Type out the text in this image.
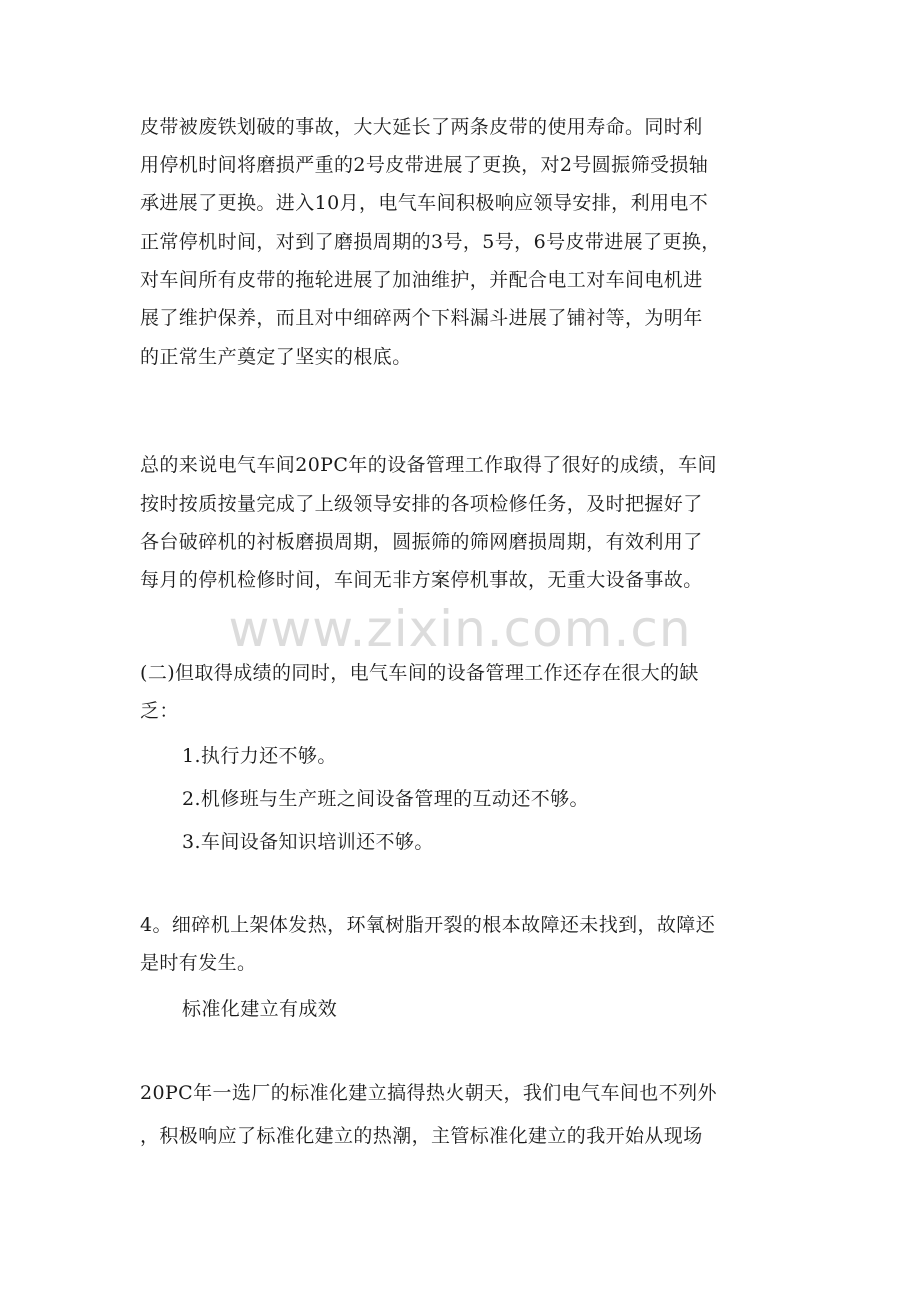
皮带被废铁划破的事故，大大延长了两条皮带的使用寿命。同时利
用停机时间将磨损严重的2号皮带进展了更换，对2号圆振筛受损轴
承进展了更换。进入10月，电气车间积极响应领导安排，利用电不
正常停机时间，对到了磨损周期的3号，5号，6号皮带进展了更换，
对车间所有皮带的拖轮进展了加油维护，并配合电工对车间电机进
展了维护保养，而且对中细碎两个下料漏斗进展了铺衬等，为明年
的正常生产奠定了坚实的根底。
总的来说电气车间20PC年的设备管理工作取得了很好的成绩，车间
按时按质按量完成了上级领导安排的各项检修任务，及时把握好了
各台破碎机的衬板磨损周期，圆振筛的筛网磨损周期，有效利用了
每月的停机检修时间，车间无非方案停机事故，无重大设备事故。
www.zixin.com.cn
(二)但取得成绩的同时，电气车间的设备管理工作还存在很大的缺
乏：
1.执行力还不够。
2.机修班与生产班之间设备管理的互动还不够。
3.车间设备知识培训还不够。
4。细碎机上架体发热，环氧树脂开裂的根本故障还未找到，故障还
是时有发生。
标准化建立有成效
20PC年一选厂的标准化建立搞得热火朝天，我们电气车间也不列外
，积极响应了标准化建立的热潮，主管标准化建立的我开始从现场
